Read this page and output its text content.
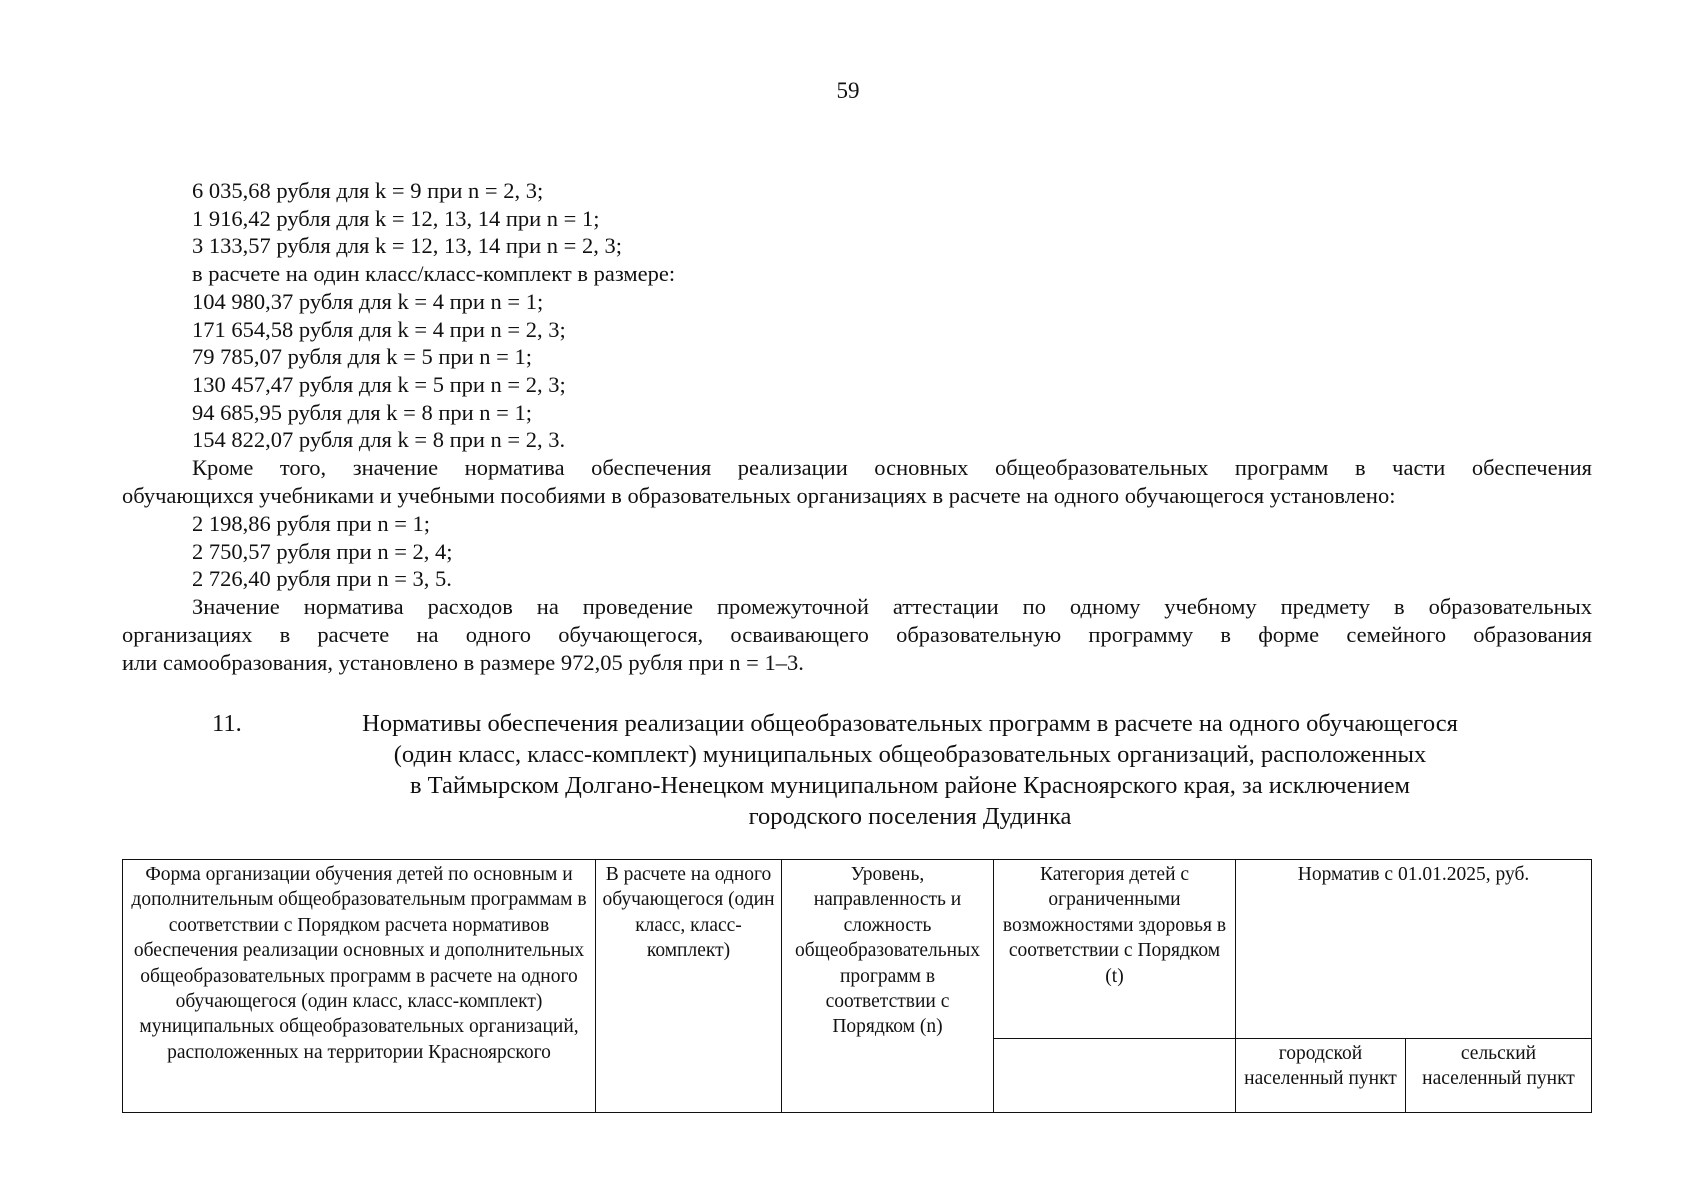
59
6 035,68 рубля для k = 9 при n = 2, 3;
1 916,42 рубля для k = 12, 13, 14 при n = 1;
3 133,57 рубля для k = 12, 13, 14 при n = 2, 3;
в расчете на один класс/класс-комплект в размере:
104 980,37 рубля для k = 4 при n = 1;
171 654,58 рубля для k = 4 при n = 2, 3;
79 785,07 рубля для k = 5 при n = 1;
130 457,47 рубля для k = 5 при n = 2, 3;
94 685,95 рубля для k = 8 при n = 1;
154 822,07 рубля для k = 8 при n = 2, 3.
Кроме того, значение норматива обеспечения реализации основных общеобразовательных программ в части обеспечения
обучающихся учебниками и учебными пособиями в образовательных организациях в расчете на одного обучающегося установлено:
2 198,86 рубля при n = 1;
2 750,57 рубля при n = 2, 4;
2 726,40 рубля при n = 3, 5.
Значение норматива расходов на проведение промежуточной аттестации по одному учебному предмету в образовательных
организациях в расчете на одного обучающегося, осваивающего образовательную программу в форме семейного образования
или самообразования, установлено в размере 972,05 рубля при n = 1–3.
11.	Нормативы обеспечения реализации общеобразовательных программ в расчете на одного обучающегося
(один класс, класс-комплект) муниципальных общеобразовательных организаций, расположенных
в Таймырском Долгано-Ненецком муниципальном районе Красноярского края, за исключением
городского поселения Дудинка
Форма организации обучения детей по основным и дополнительным общеобразовательным программам в соответствии с Порядком расчета нормативов обеспечения реализации основных и дополнительных общеобразовательных программ в расчете на одного обучающегося (один класс, класс-комплект) муниципальных общеобразовательных организаций, расположенных на территории Красноярского	В расчете на одного обучающегося (один класс, класс-комплект)	Уровень, направленность и сложность общеобразовательных программ в соответствии с Порядком (n)	Категория детей с ограниченными возможностями здоровья в соответствии с Порядком (t)	Норматив с 01.01.2025, руб.	
				городской населенный пункт	сельский населенный пункт
